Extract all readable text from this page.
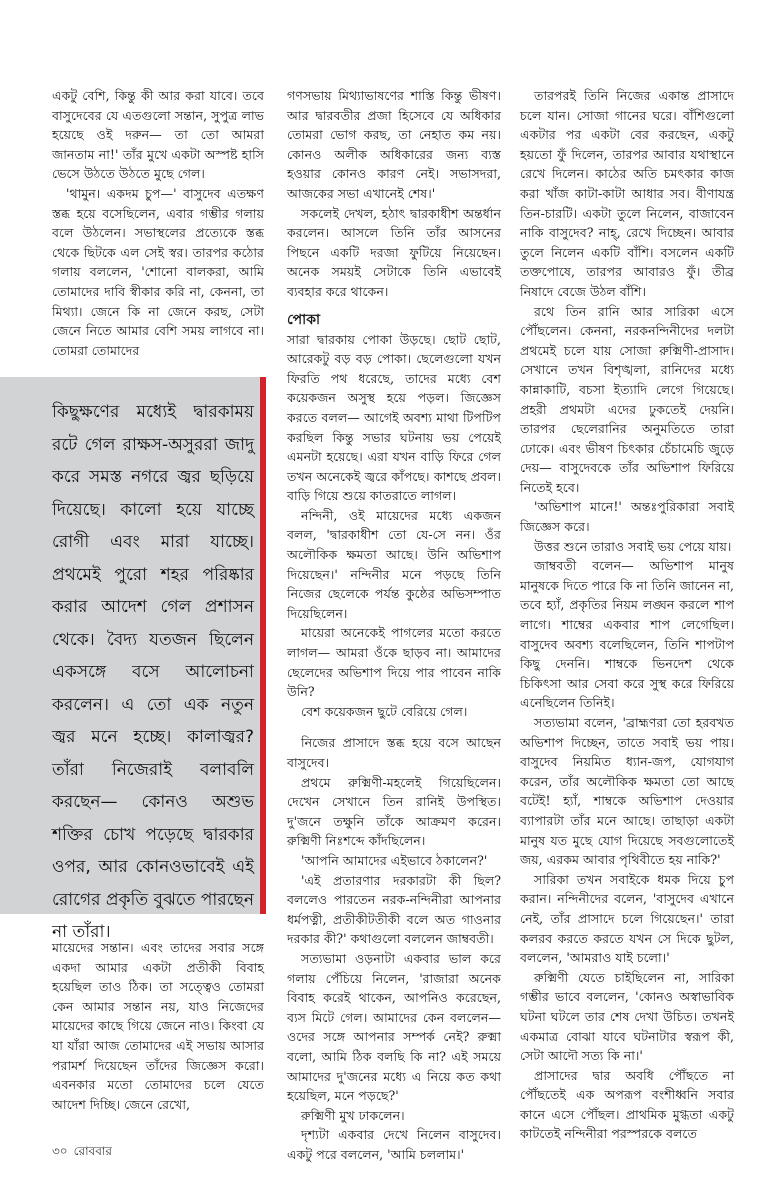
একটু বেশি, কিন্তু কী আর করা যাবে। তবে বাসুদেবের যে এতগুলো সন্তান, সুপুত্র লাভ হয়েছে ওই দরুন— তা তো আমরা জানতাম না!' তাঁর মুখে একটা অস্পষ্ট হাসি ভেসে উঠতে উঠতে মুছে গেল।

'থামুন। একদম চুপ—' বাসুদেব এতক্ষণ স্তব্ধ হয়ে বসেছিলেন, এবার গম্ভীর গলায় বলে উঠলেন। সভাস্থলের প্রত্যেকে স্তব্ধ থেকে ছিটকে এল সেই স্বর। তারপর কঠোর গলায় বললেন, 'শোনো বালকরা, আমি তোমাদের দাবি স্বীকার করি না, কেননা, তা মিথ্যা। জেনে কি না জেনে করছ, সেটা জেনে নিতে আমার বেশি সময় লাগবে না। তোমরা তোমাদের

কিছুক্ষণের মধ্যেই দ্বারকাময় রটে গেল রাক্ষস-অসুররা জাদু করে সমস্ত নগরে জ্বর ছড়িয়ে দিয়েছে। কালো হয়ে যাচ্ছে রোগী এবং মারা যাচ্ছে। প্রথমেই পুরো শহর পরিষ্কার করার আদেশ গেল প্রশাসন থেকে। বৈদ্য যতজন ছিলেন একসঙ্গে বসে আলোচনা করলেন। এ তো এক নতুন জ্বর মনে হচ্ছে। কালাজ্বর? তাঁরা নিজেরাই বলাবলি করছেন— কোনও অশুভ শক্তির চোখ পড়েছে দ্বারকার ওপর, আর কোনওভাবেই এই রোগের প্রকৃতি বুঝতে পারছেন না তাঁরা।

মায়েদের সন্তান। এবং তাদের সবার সঙ্গে একদা আমার একটা প্রতীকী বিবাহ হয়েছিল তাও ঠিক। তা সত্ত্বেও তোমরা কেন আমার সন্তান নয়, যাও নিজেদের মায়েদের কাছে গিয়ে জেনে নাও। কিংবা যে যা যাঁরা আজ তোমাদের এই সভায় আসার পরামর্শ দিয়েছেন তাঁদের জিজ্ঞেস করো। এবনকার মতো তোমাদের চলে যেতে আদেশ দিচ্ছি। জেনে রেখো,

গণসভায় মিথ্যাভাষণের শাস্তি কিন্তু ভীষণ। আর দ্বারবতীর প্রজা হিসেবে যে অধিকার তোমরা ভোগ করছ, তা নেহাত কম নয়। কোনও অলীক অধিকারের জন্য ব্যস্ত হওয়ার কোনও কারণ নেই। সভাসদরা, আজকের সভা এখানেই শেষ।'

সকলেই দেখল, হঠাৎ দ্বারকাধীশ অন্তর্ধান করলেন। আসলে তিনি তাঁর আসনের পিছনে একটি দরজা ফুটিয়ে নিয়েছেন। অনেক সময়ই সেটাকে তিনি এভাবেই ব্যবহার করে থাকেন।

পোকা

সারা দ্বারকায় পোকা উড়ছে। ছোট ছোট, আরেকটু বড় বড় পোকা। ছেলেগুলো যখন ফিরতি পথ ধরেছে, তাদের মধ্যে বেশ কয়েকজন অসুস্থ হয়ে পড়ল। জিজ্ঞেস করতে বলল— আগেই অবশ্য মাথা টিপটিপ করছিল কিন্তু সভার ঘটনায় ভয় পেয়েই এমনটা হয়েছে। এরা যখন বাড়ি ফিরে গেল তখন অনেকেই জ্বরে কাঁপছে। কাশছে প্রবল। বাড়ি গিয়ে শুয়ে কাতরাতে লাগল।

নন্দিনী, ওই মায়েদের মধ্যে একজন বলল, 'দ্বারকাধীশ তো যে-সে নন। ওঁর অলৌকিক ক্ষমতা আছে। উনি অভিশাপ দিয়েছেন।' নন্দিনীর মনে পড়ছে তিনি নিজের ছেলেকে পর্যন্ত কুষ্ঠের অভিসম্পাত দিয়েছিলেন।

মায়েরা অনেকেই পাগলের মতো করতে লাগল— আমরা ওঁকে ছাড়ব না। আমাদের ছেলেদের অভিশাপ দিয়ে পার পাবেন নাকি উনি?

বেশ কয়েকজন ছুটে বেরিয়ে গেল।

নিজের প্রাসাদে স্তব্ধ হয়ে বসে আছেন বাসুদেব।

প্রথমে রুক্মিণী-মহলেই গিয়েছিলেন। দেখেন সেখানে তিন রানিই উপস্থিত। দু'জনে তক্ষুনি তাঁকে আক্রমণ করেন। রুক্মিণী নিঃশব্দে কাঁদছিলেন।

'আপনি আমাদের এইভাবে ঠকালেন?'

'এই প্রতারণার দরকারটা কী ছিল? বললেও পারতেন নরক-নন্দিনীরা আপনার ধর্মপত্নী, প্রতীকীটতীকী বলে অত গাওনার দরকার কী?' কথাগুলো বললেন জাম্ববতী।

সত্যভামা ওড়নাটা একবার ভাল করে গলায় পেঁচিয়ে নিলেন, 'রাজারা অনেক বিবাহ করেই থাকেন, আপনিও করেছেন, ব্যস মিটে গেল। আমাদের কেন বললেন— ওদের সঙ্গে আপনার সম্পর্ক নেই? রুক্মা বলো, আমি ঠিক বলছি কি না? এই সময়ে আমাদের দু'জনের মধ্যে এ নিয়ে কত কথা হয়েছিল, মনে পড়ছে?'

রুক্মিণী মুখ ঢাকলেন।

দৃশ্যটা একবার দেখে নিলেন বাসুদেব। একটু পরে বললেন, 'আমি চললাম।'

তারপরই তিনি নিজের একান্ত প্রাসাদে চলে যান। সোজা গানের ঘরে। বাঁশিগুলো একটার পর একটা বের করছেন, একটু হয়তো ফুঁ দিলেন, তারপর আবার যথাস্থানে রেখে দিলেন। কাঠের অতি চমৎকার কাজ করা খাঁজ কাটা-কাটা আধার সব। বীণাযন্ত্র তিন-চারটি। একটা তুলে নিলেন, বাজাবেন নাকি বাসুদেব? নাহ্‌, রেখে দিচ্ছেন। আবার তুলে নিলেন একটি বাঁশি। বসলেন একটি তক্তপোষে, তারপর আবারও ফুঁ। তীব্র নিষাদে বেজে উঠল বাঁশি।

রথে তিন রানি আর সারিকা এসে পৌঁছলেন। কেননা, নরকনন্দিনীদের দলটা প্রথমেই চলে যায় সোজা রুক্মিণী-প্রাসাদ। সেখানে তখন বিশৃঙ্খলা, রানিদের মধ্যে কান্নাকাটি, বচসা ইত্যাদি লেগে গিয়েছে। প্রহরী প্রথমটা এদের ঢুকতেই দেয়নি। তারপর ছেলেরানির অনুমতিতে তারা ঢোকে। এবং ভীষণ চিৎকার চেঁচামেচি জুড়ে দেয়— বাসুদেবকে তাঁর অভিশাপ ফিরিয়ে নিতেই হবে।

'অভিশাপ মানে!' অন্তঃপুরিকারা সবাই জিজ্ঞেস করে।

উত্তর শুনে তারাও সবাই ভয় পেয়ে যায়।

জাম্ববতী বলেন— অভিশাপ মানুষ মানুষকে দিতে পারে কি না তিনি জানেন না, তবে হ্যাঁ, প্রকৃতির নিয়ম লঙ্ঘন করলে শাপ লাগে। শাম্বের একবার শাপ লেগেছিল। বাসুদেব অবশ্য বলেছিলেন, তিনি শাপটাপ কিছু দেননি। শাম্বকে ভিনদেশ থেকে চিকিৎসা আর সেবা করে সুস্থ করে ফিরিয়ে এনেছিলেন তিনিই।

সত্যভামা বলেন, 'ব্রাহ্মণরা তো হরবখত অভিশাপ দিচ্ছেন, তাতে সবাই ভয় পায়। বাসুদেব নিয়মিত ধ্যান-জপ, যোগযাগ করেন, তাঁর অলৌকিক ক্ষমতা তো আছে বটেই! হ্যাঁ, শাম্বকে অভিশাপ দেওয়ার ব্যাপারটা তাঁর মনে আছে। তাছাড়া একটা মানুষ যত মুছে যোগ দিয়েছে সবগুলোতেই জয়, এরকম আবার পৃথিবীতে হয় নাকি?'

সারিকা তখন সবাইকে ধমক দিয়ে চুপ করান। নন্দিনীদের বলেন, 'বাসুদেব এখানে নেই, তাঁর প্রাসাদে চলে গিয়েছেন।' তারা কলরব করতে করতে যখন সে দিকে ছুটল, বললেন, 'আমরাও যাই চলো।'

রুক্মিণী যেতে চাইছিলেন না, সারিকা গম্ভীর ভাবে বললেন, 'কোনও অস্বাভাবিক ঘটনা ঘটলে তার শেষ দেখা উচিত। তখনই একমাত্র বোঝা যাবে ঘটনাটার স্বরূপ কী, সেটা আদৌ সত্য কি না।'

প্রাসাদের দ্বার অবধি পৌঁছতে না পৌঁছতেই এক অপরূপ বংশীধ্বনি সবার কানে এসে পৌঁছল। প্রাথমিক মুগ্ধতা একটু কাটতেই নন্দিনীরা পরস্পরকে বলতে

৩০ রোববার
